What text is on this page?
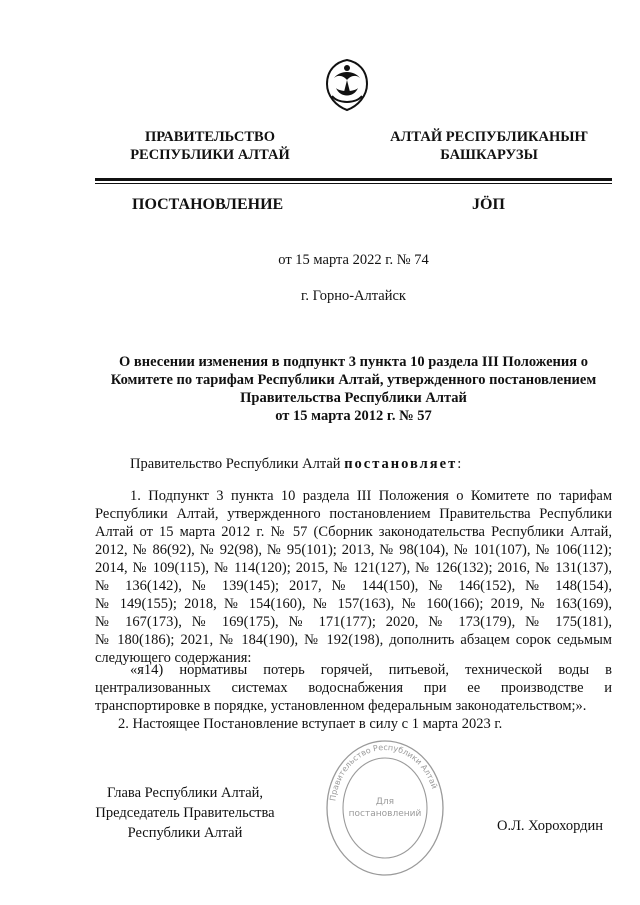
ПРАВИТЕЛЬСТВО
РЕСПУБЛИКИ АЛТАЙ
АЛТАЙ РЕСПУБЛИКАНЫҤ
БАШКАРУЗЫ
ПОСТАНОВЛЕНИЕ	JÖП
от 15 марта 2022 г. № 74
г. Горно-Алтайск
О внесении изменения в подпункт 3 пункта 10 раздела III Положения о
Комитете по тарифам Республики Алтай, утвержденного постановлением
Правительства Республики Алтай
от 15 марта 2012 г. № 57
Правительство Республики Алтай постановляет:
1. Подпункт 3 пункта 10 раздела III Положения о Комитете по тарифам
Республики Алтай, утвержденного постановлением Правительства Республики
Алтай от 15 марта 2012 г. № 57 (Сборник законодательства Республики Алтай,
2012, № 86(92), № 92(98), № 95(101); 2013, № 98(104), № 101(107), № 106(112);
2014, № 109(115), № 114(120); 2015, № 121(127), № 126(132); 2016, № 131(137),
№ 136(142), № 139(145); 2017, № 144(150), № 146(152), № 148(154),
№ 149(155); 2018, № 154(160), № 157(163), № 160(166); 2019, № 163(169),
№ 167(173), № 169(175), № 171(177); 2020, № 173(179), № 175(181),
№ 180(186); 2021, № 184(190), № 192(198), дополнить абзацем сорок седьмым
следующего содержания:
«я14) нормативы потерь горячей, питьевой, технической воды в
централизованных системах водоснабжения при ее производстве и
транспортировке в порядке, установленном федеральным законодательством;».
2. Настоящее Постановление вступает в силу с 1 марта 2023 г.
Глава Республики Алтай,
Председатель Правительства
Республики Алтай	О.Л. Хорохордин
Правительство Республики Алтай
Для
постановлений
